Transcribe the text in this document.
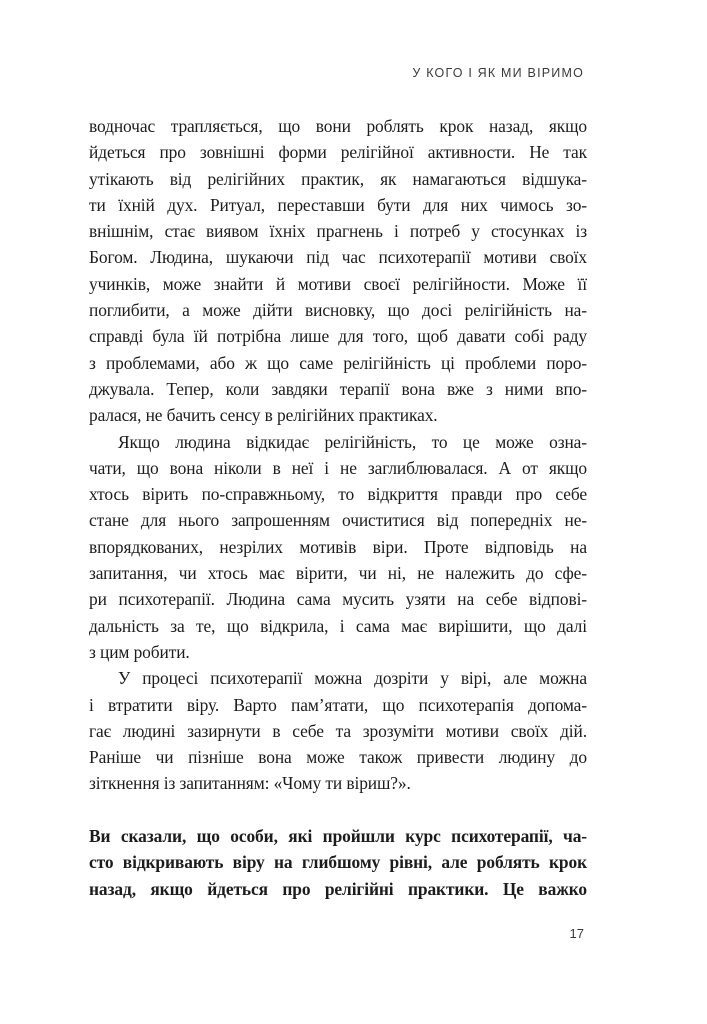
У КОГО І ЯК МИ ВІРИМО
водночас трапляється, що вони роблять крок назад, якщо
йдеться про зовнішні форми релігійної активности. Не так
утікають від релігійних практик, як намагаються відшука-
ти їхній дух. Ритуал, переставши бути для них чимось зо-
внішнім, стає виявом їхніх прагнень і потреб у стосунках із
Богом. Людина, шукаючи під час психотерапії мотиви своїх
учинків, може знайти й мотиви своєї релігійности. Може її
поглибити, а може дійти висновку, що досі релігійність на-
справді була їй потрібна лише для того, щоб давати собі раду
з проблемами, або ж що саме релігійність ці проблеми поро-
джувала. Тепер, коли завдяки терапії вона вже з ними впо-
ралася, не бачить сенсу в релігійних практиках.
Якщо людина відкидає релігійність, то це може озна-
чати, що вона ніколи в неї і не заглиблювалася. А от якщо
хтось вірить по-справжньому, то відкриття правди про себе
стане для нього запрошенням очиститися від попередніх не-
впорядкованих, незрілих мотивів віри. Проте відповідь на
запитання, чи хтось має вірити, чи ні, не належить до сфе-
ри психотерапії. Людина сама мусить узяти на себе відпові-
дальність за те, що відкрила, і сама має вирішити, що далі
з цим робити.
У процесі психотерапії можна дозріти у вірі, але можна
і втратити віру. Варто пам’ятати, що психотерапія допома-
гає людині зазирнути в себе та зрозуміти мотиви своїх дій.
Раніше чи пізніше вона може також привести людину до
зіткнення із запитанням: «Чому ти віриш?».
Ви сказали, що особи, які пройшли курс психотерапії, ча-
сто відкривають віру на глибшому рівні, але роблять крок
назад, якщо йдеться про релігійні практики. Це важко
17
